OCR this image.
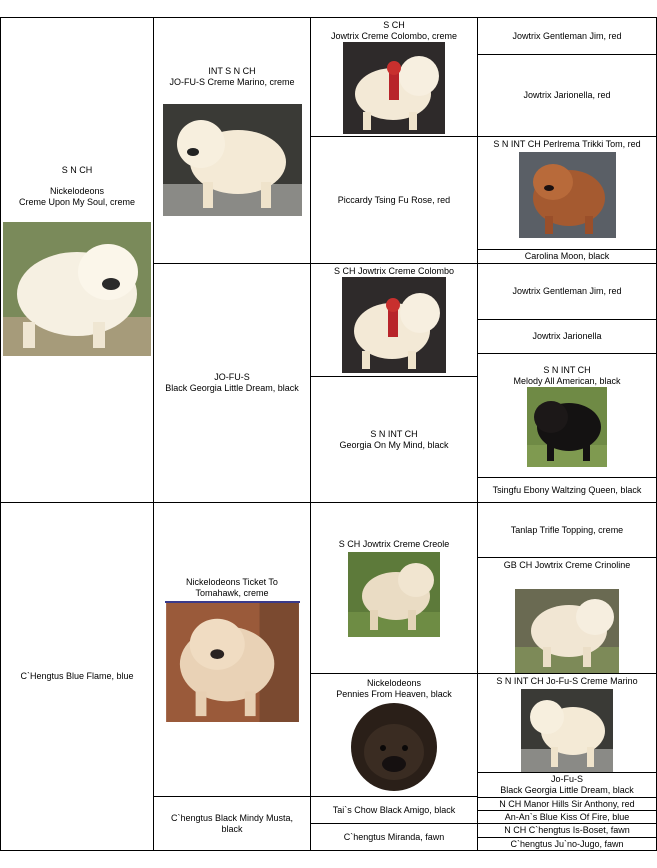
S N CH
Nickelodeons
Creme Upon My Soul, creme
C`Hengtus Blue Flame, blue
INT S N CH
JO-FU-S Creme Marino, creme
JO-FU-S
Black Georgia Little Dream, black
Nickelodeons Ticket To Tomahawk, creme
C`hengtus Black Mindy Musta, black
S CH
Jowtrix Creme Colombo, creme
Piccardy Tsing Fu Rose, red
S CH Jowtrix Creme Colombo
S N INT CH
Georgia On My Mind, black
S CH Jowtrix Creme Creole
Nickelodeons
Pennies From Heaven, black
Tai`s Chow Black Amigo, black
C`hengtus Miranda, fawn
Jowtrix Gentleman Jim, red
Jowtrix Jarionella, red
S N INT CH Perlrema Trikki Tom, red
Carolina Moon, black
Jowtrix Gentleman Jim, red
Jowtrix Jarionella
S N INT CH
Melody All American, black
Tsingfu Ebony Waltzing Queen, black
Tanlap Trifle Topping, creme
GB CH Jowtrix Creme Crinoline
S N INT CH Jo-Fu-S Creme Marino
Jo-Fu-S
Black Georgia Little Dream, black
N CH Manor Hills Sir Anthony, red
An-An`s Blue Kiss Of Fire, blue
N CH C`hengtus Is-Boset, fawn
C`hengtus Ju`no-Jugo, fawn
